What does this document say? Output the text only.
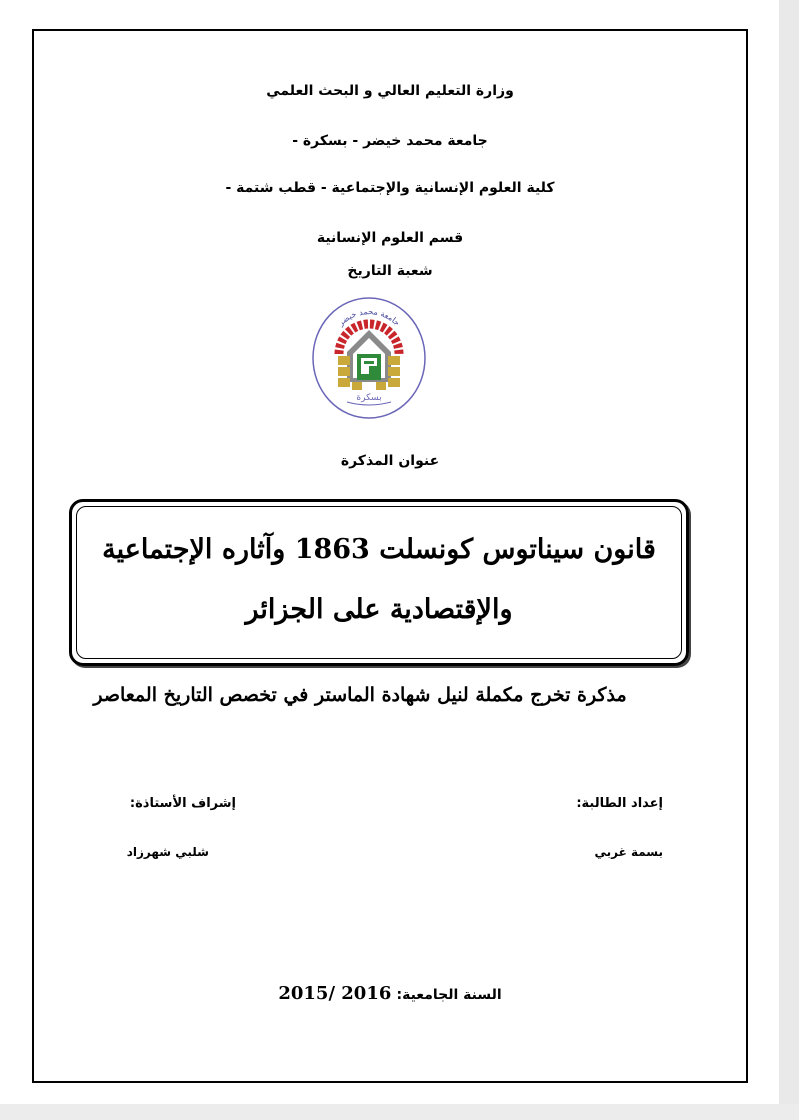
وزارة التعليم العالي و البحث العلمي
جامعة محمد خيضر - بسكرة -
كلية العلوم الإنسانية والإجتماعية - قطب شتمة -
قسم العلوم الإنسانية
شعبة التاريخ
جامعة محمد خيضر
بسكرة
عنوان المذكرة
قانون سيناتوس كونسلت 1863 وآثاره الإجتماعية
والإقتصادية على الجزائر
مذكرة تخرج مكملة لنيل شهادة الماستر في تخصص التاريخ المعاصر
إعداد الطالبة:
إشراف الأستاذة:
بسمة غربي
شلبي شهرزاد
السنة الجامعية: 2015/ 2016
